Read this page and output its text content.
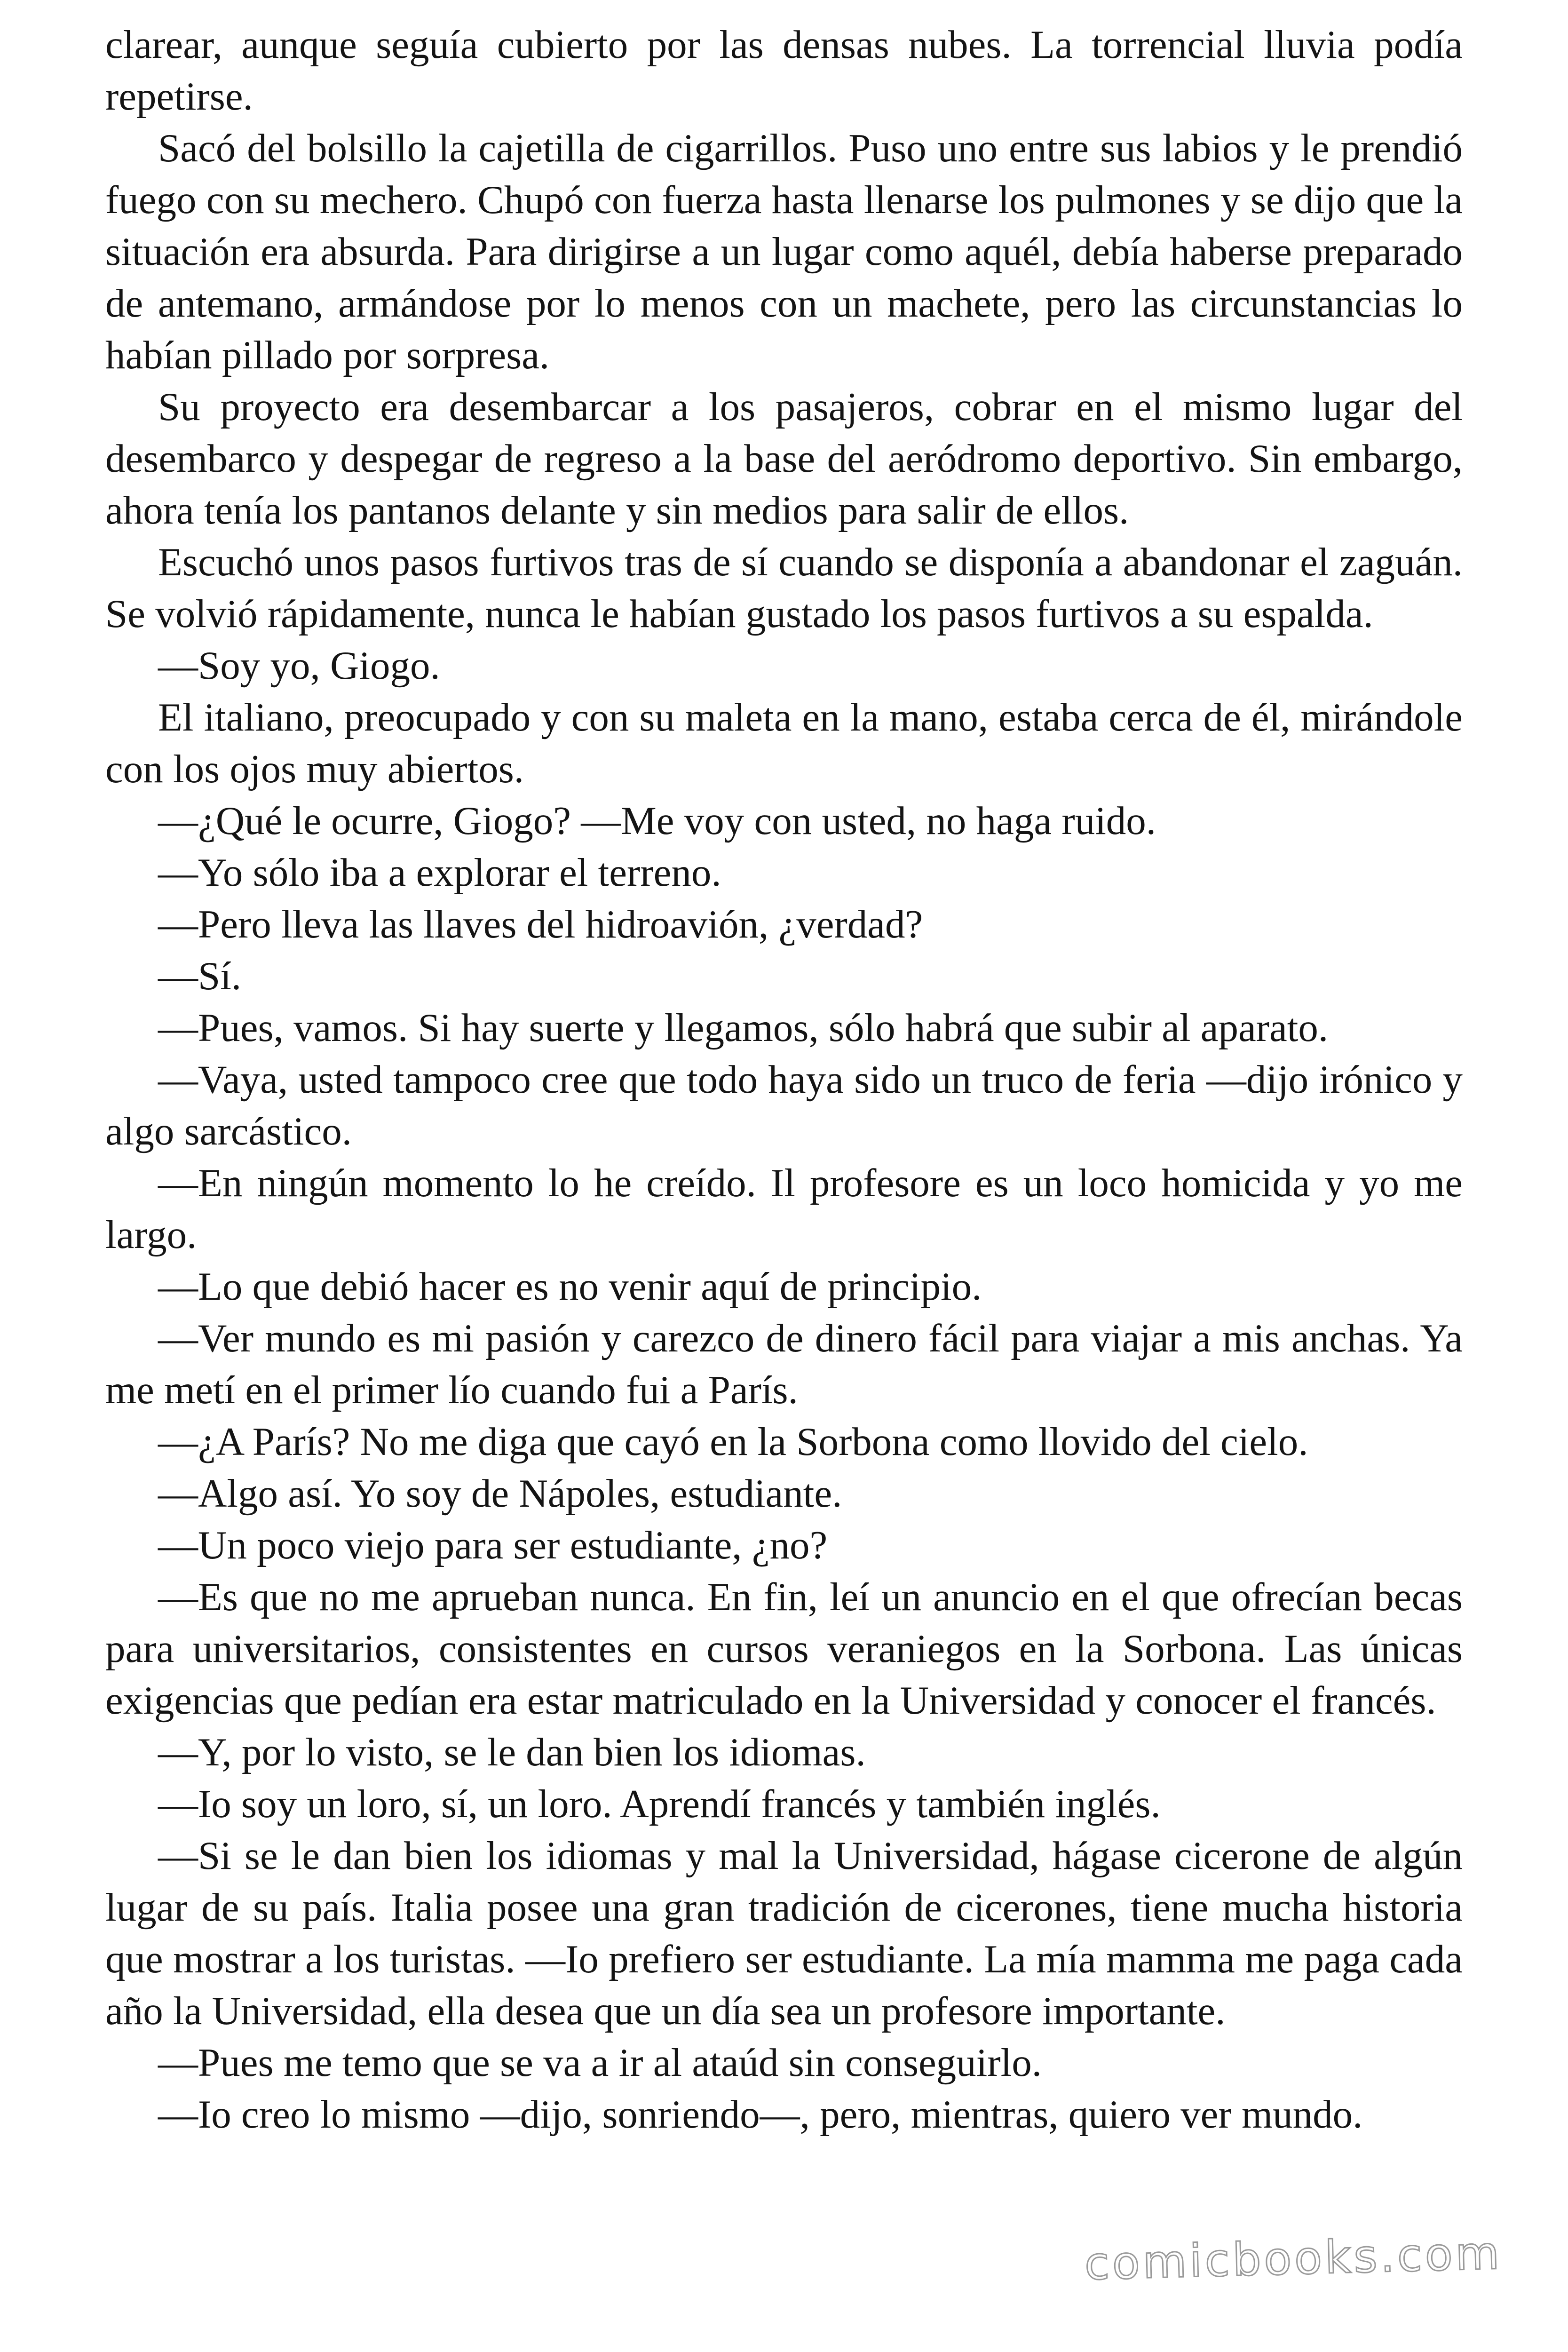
clarear, aunque seguía cubierto por las densas nubes. La torrencial lluvia podía repetirse.

Sacó del bolsillo la cajetilla de cigarrillos. Puso uno entre sus labios y le prendió fuego con su mechero. Chupó con fuerza hasta llenarse los pulmones y se dijo que la situación era absurda. Para dirigirse a un lugar como aquél, debía haberse preparado de antemano, armándose por lo menos con un machete, pero las circunstancias lo habían pillado por sorpresa.

Su proyecto era desembarcar a los pasajeros, cobrar en el mismo lugar del desembarco y despegar de regreso a la base del aeródromo deportivo. Sin embargo, ahora tenía los pantanos delante y sin medios para salir de ellos.

Escuchó unos pasos furtivos tras de sí cuando se disponía a abandonar el zaguán. Se volvió rápidamente, nunca le habían gustado los pasos furtivos a su espalda.

—Soy yo, Giogo.

El italiano, preocupado y con su maleta en la mano, estaba cerca de él, mirándole con los ojos muy abiertos.

—¿Qué le ocurre, Giogo? —Me voy con usted, no haga ruido.

—Yo sólo iba a explorar el terreno.

—Pero lleva las llaves del hidroavión, ¿verdad?

—Sí.

—Pues, vamos. Si hay suerte y llegamos, sólo habrá que subir al aparato.

—Vaya, usted tampoco cree que todo haya sido un truco de feria —dijo irónico y algo sarcástico.

—En ningún momento lo he creído. Il profesore es un loco homicida y yo me largo.

—Lo que debió hacer es no venir aquí de principio.

—Ver mundo es mi pasión y carezco de dinero fácil para viajar a mis anchas. Ya me metí en el primer lío cuando fui a París.

—¿A París? No me diga que cayó en la Sorbona como llovido del cielo.

—Algo así. Yo soy de Nápoles, estudiante.

—Un poco viejo para ser estudiante, ¿no?

—Es que no me aprueban nunca. En fin, leí un anuncio en el que ofrecían becas para universitarios, consistentes en cursos veraniegos en la Sorbona. Las únicas exigencias que pedían era estar matriculado en la Universidad y conocer el francés.

—Y, por lo visto, se le dan bien los idiomas.

—Io soy un loro, sí, un loro. Aprendí francés y también inglés.

—Si se le dan bien los idiomas y mal la Universidad, hágase cicerone de algún lugar de su país. Italia posee una gran tradición de cicerones, tiene mucha historia que mostrar a los turistas. —Io prefiero ser estudiante. La mía mamma me paga cada año la Universidad, ella desea que un día sea un profesore importante.

—Pues me temo que se va a ir al ataúd sin conseguirlo.

—Io creo lo mismo —dijo, sonriendo—, pero, mientras, quiero ver mundo.

comicbooks.com
